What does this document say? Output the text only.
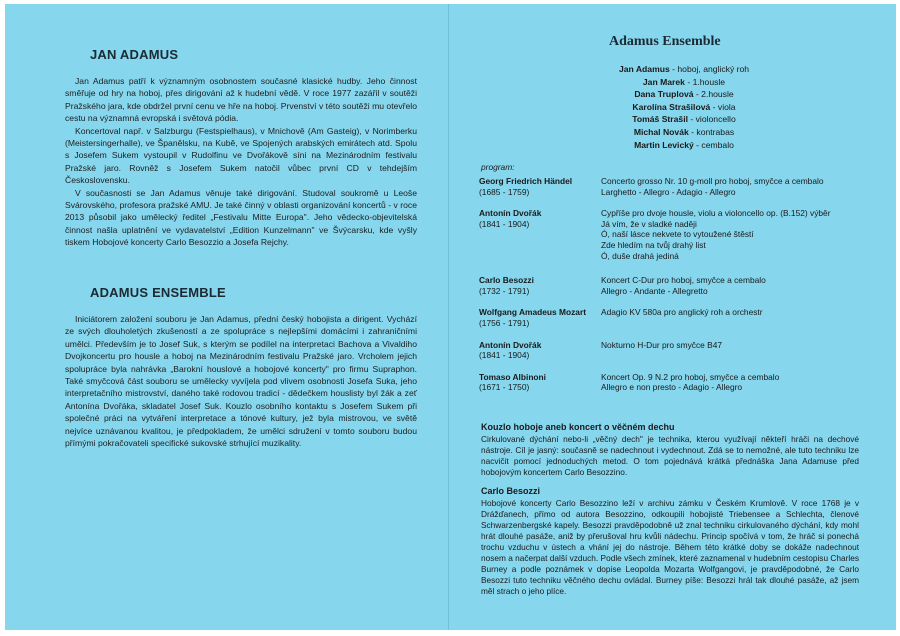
JAN ADAMUS

Jan Adamus patří k významným osobnostem současné klasické hudby. Jeho činnost směřuje od hry na hoboj, přes dirigování až k hudební vědě. V roce 1977 zazářil v soutěži Pražského jara, kde obdržel první cenu ve hře na hoboj. Prvenství v této soutěži mu otevřelo cestu na významná evropská i světová pódia.

Koncertoval např. v Salzburgu (Festspielhaus), v Mnichově (Am Gasteig), v Norimberku (Meistersingerhalle), ve Španělsku, na Kubě, ve Spojených arabských emirátech atd. Spolu s Josefem Sukem vystoupil v Rudolfinu ve Dvořákově síni na Mezinárodním festivalu Pražské jaro. Rovněž s Josefem Sukem natočil vůbec první CD v tehdejším Československu.

V současnosti se Jan Adamus věnuje také dirigování. Studoval soukromě u Leoše Svárovského, profesora pražské AMU. Je také činný v oblasti organizování koncertů - v roce 2013 působil jako umělecký ředitel „Festivalu Mitte Europa". Jeho vědecko-objevitelská činnost našla uplatnění ve vydavatelství „Edition Kunzelmann" ve Švýcarsku, kde vyšly tiskem Hobojové koncerty Carlo Besozzio a Josefa Rejchy.

ADAMUS ENSEMBLE

Iniciátorem založení souboru je Jan Adamus, přední český hobojista a dirigent. Vychází ze svých dlouholetých zkušeností a ze spolupráce s nejlepšími domácími i zahraničními umělci. Především je to Josef Suk, s kterým se podílel na interpretaci Bachova a Vivaldiho Dvojkoncertu pro housle a hoboj na Mezinárodním festivalu Pražské jaro. Vrcholem jejich spolupráce byla nahrávka „Barokní houslové a hobojové koncerty" pro firmu Supraphon. Také smyčcová část souboru se umělecky vyvíjela pod vlivem osobnosti Josefa Suka, jeho interpretačního mistrovství, daného také rodovou tradicí - dědečkem houslisty byl žák a zeť Antonína Dvořáka, skladatel Josef Suk. Kouzlo osobního kontaktu s Josefem Sukem při společné práci na vytváření interpretace a tónové kultury, jež byla mistrovou, ve světě nejvíce uznávanou kvalitou, je předpokladem, že umělci sdružení v tomto souboru budou přímými pokračovateli specifické sukovské strhující muzikality.

Adamus Ensemble
Jan Adamus - hoboj, anglický roh
Jan Marek - 1.housle
Dana Truplová - 2.housle
Karolína Strašilová - viola
Tomáš Strašil - violoncello
Michal Novák - kontrabas
Martin Levický - cembalo
program:
Georg Friedrich Händel
(1685 - 1759)
Concerto grosso Nr. 10 g-moll pro hoboj, smyčce a cembalo
Larghetto - Allegro - Adagio - Allegro
Antonín Dvořák
(1841 - 1904)
Cypříše pro dvoje housle, violu a violoncello op. (B.152) výběr
Já vím, že v sladké naději
Ó, naší lásce nekvete to vytoužené štěstí
Zde hledím na tvůj drahý list
Ó, duše drahá jediná
Carlo Besozzi
(1732 - 1791)
Koncert C-Dur pro hoboj, smyčce a cembalo
Allegro - Andante - Allegretto
Wolfgang Amadeus Mozart
(1756 - 1791)
Adagio KV 580a pro anglický roh a orchestr
Antonín Dvořák
(1841 - 1904)
Nokturno H-Dur pro smyčce B47
Tomaso Albinoni
(1671 - 1750)
Koncert Op. 9 N.2 pro hoboj, smyčce a cembalo
Allegro e non presto - Adagio - Allegro
Kouzlo hoboje aneb koncert o věčném dechu
Cirkulované dýchání nebo-li „věčný dech" je technika, kterou využívají někteří hráči na dechové nástroje. Cíl je jasný: současně se nadechnout i vydechnout. Zdá se to nemožné, ale tuto techniku lze nacvičit pomocí jednoduchých metod. O tom pojednává krátká přednáška Jana Adamuse před hobojovým koncertem Carlo Besozzino.
Carlo Besozzi
Hobojové koncerty Carlo Besozzino leží v archivu zámku v Českém Krumlově. V roce 1768 je v Drážďanech, přímo od autora Besozzino, odkoupili hobojisté Triebensee a Schlechta, členové Schwarzenbergské kapely. Besozzi pravděpodobně už znal techniku cirkulovaného dýchání, kdy mohl hrát dlouhé pasáže, aniž by přerušoval hru kvůli nádechu. Princip spočívá v tom, že hráč si ponechá trochu vzduchu v ústech a vhání jej do nástroje. Během této krátké doby se dokáže nadechnout nosem a načerpat další vzduch. Podle všech zmínek, které zaznamenal v hudebním cestopisu Charles Burney a podle poznámek v dopise Leopolda Mozarta Wolfgangovi, je pravděpodobné, že Carlo Besozzi tuto techniku věčného dechu ovládal. Burney píše: Besozzi hrál tak dlouhé pasáže, až jsem měl strach o jeho plíce.
